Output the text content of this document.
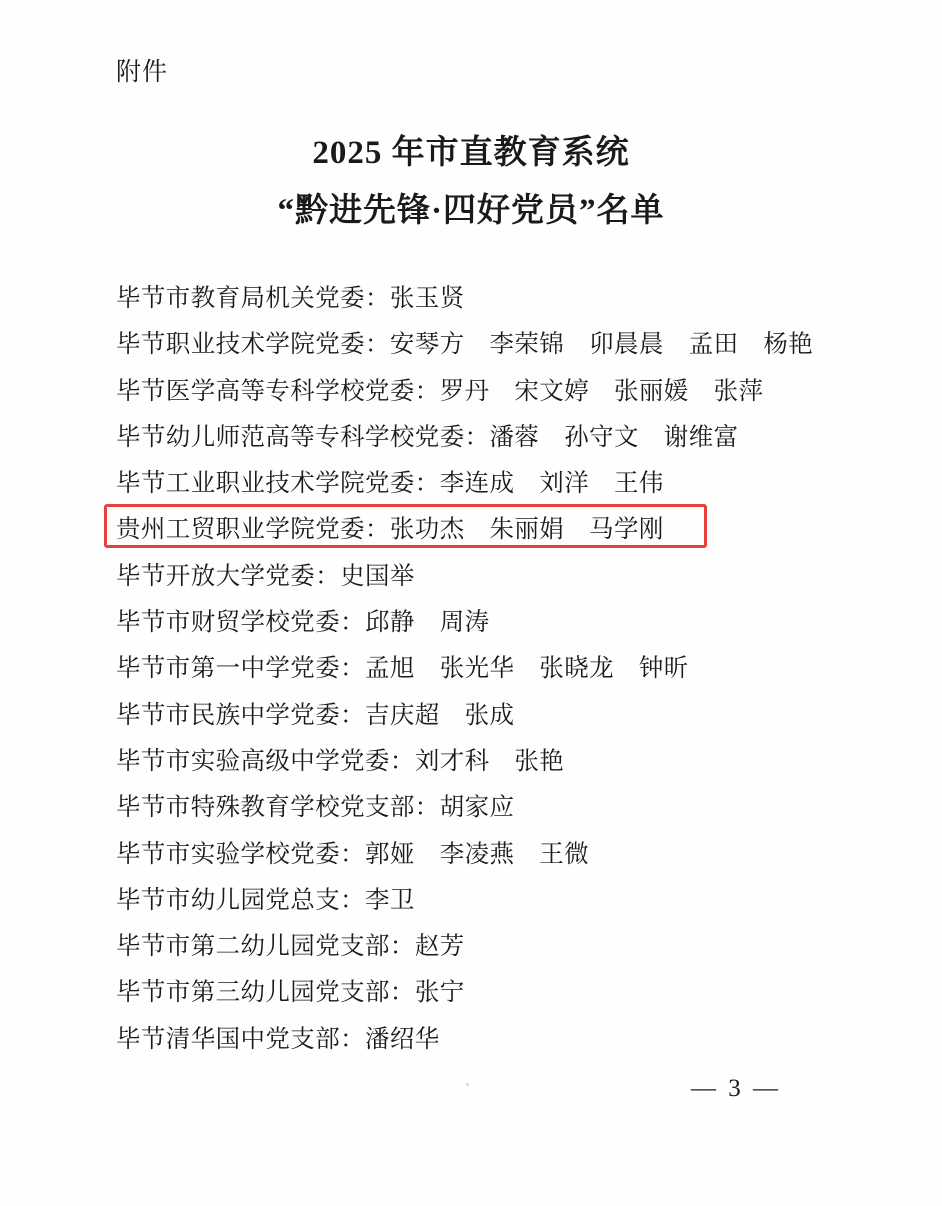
附件
2025 年市直教育系统
“黔进先锋·四好党员”名单
毕节市教育局机关党委：张玉贤
毕节职业技术学院党委：安琴方　李荣锦　卯晨晨　孟田　杨艳
毕节医学高等专科学校党委：罗丹　宋文婷　张丽媛　张萍
毕节幼儿师范高等专科学校党委：潘蓉　孙守文　谢维富
毕节工业职业技术学院党委：李连成　刘洋　王伟
贵州工贸职业学院党委：张功杰　朱丽娟　马学刚
毕节开放大学党委：史国举
毕节市财贸学校党委：邱静　周涛
毕节市第一中学党委：孟旭　张光华　张晓龙　钟昕
毕节市民族中学党委：吉庆超　张成
毕节市实验高级中学党委：刘才科　张艳
毕节市特殊教育学校党支部：胡家应
毕节市实验学校党委：郭娅　李凌燕　王微
毕节市幼儿园党总支：李卫
毕节市第二幼儿园党支部：赵芳
毕节市第三幼儿园党支部：张宁
毕节清华国中党支部：潘绍华
— 3 —
